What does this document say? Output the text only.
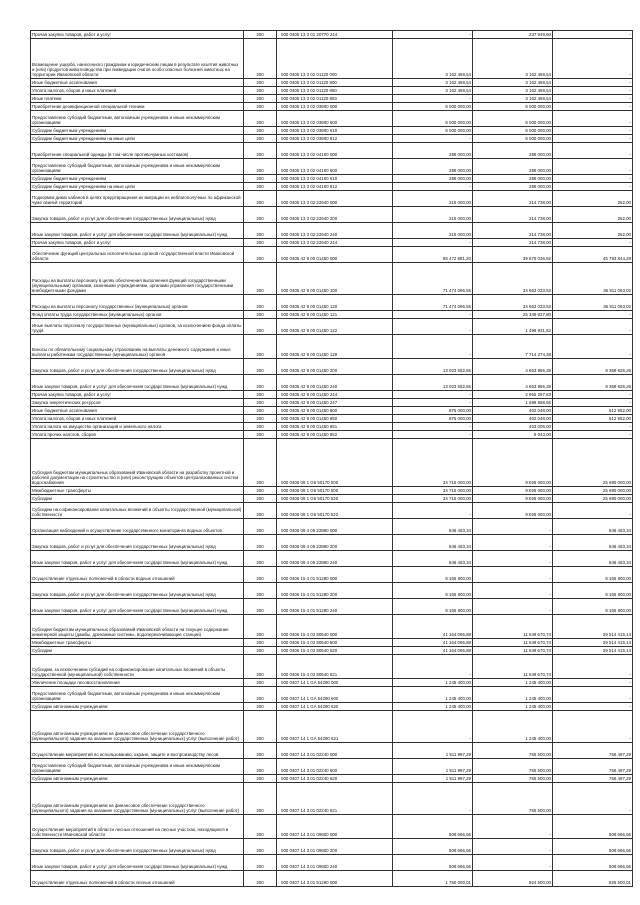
Прочая закупка товаров, работ и услуг	200	000 0405 13 3 01 20770 244	-	237 949,60	-
Возмещение ущерба, нанесенного гражданам и юридическим лицам в результате изъятия животных и (или) продуктов животноводства при ликвидации очагов особо опасных болезней животных на территории Ивановской области	200	000 0405 13 3 02 01120 000	3 162 459,54	3 162 459,54	-
Иные бюджетные ассигнования	200	000 0405 13 3 02 01120 800	3 162 459,54	3 162 459,54	-
Уплата налогов, сборов и иных платежей	200	000 0405 13 3 02 01120 850	3 162 459,54	3 162 459,54	-
Иные платежи	200	000 0405 13 3 02 01120 853	-	3 162 459,54	-
Приобретение дезинфекционной специальной техники	200	000 0405 13 3 02 03900 000	6 000 000,00	6 000 000,00	-
Предоставление субсидий бюджетным, автономным учреждениям и иным некоммерческим организациям	200	000 0405 13 3 02 03900 600	6 000 000,00	6 000 000,00	-
Субсидии бюджетным учреждениям	200	000 0405 13 3 02 03900 610	6 000 000,00	6 000 000,00	-
Субсидии бюджетным учреждениям на иные цели	200	000 0405 13 3 02 03900 612	-	6 000 000,00	-
Приобретение специальной одежды (в том числе противочумных костюмов)	200	000 0405 13 3 02 04100 000	288 000,00	288 000,00	-
Предоставление субсидий бюджетным, автономным учреждениям и иным некоммерческим организациям	200	000 0405 13 3 02 04100 600	288 000,00	288 000,00	-
Субсидии бюджетным учреждениям	200	000 0405 13 3 02 04100 610	288 000,00	288 000,00	-
Субсидии бюджетным учреждениям на иные цели	200	000 0405 13 3 02 04100 612	-	288 000,00	-
Подкормка диких кабанов в целях предотвращения их миграции из неблагополучных по африканской чуме свиней территорий	200	000 0405 13 3 02 22940 000	315 000,00	314 738,00	262,00
Закупка товаров, работ и услуг для обеспечения государственных (муниципальных) нужд	200	000 0405 13 3 02 22940 200	315 000,00	314 738,00	262,00
Иные закупки товаров, работ и услуг для обеспечения государственных (муниципальных) нужд	200	000 0405 13 3 02 22940 240	315 000,00	314 738,00	262,00
Прочая закупка товаров, работ и услуг	200	000 0405 13 3 02 22940 244	-	314 738,00	-
Обеспечение функций центральных исполнительных органов государственной власти Ивановской области	200	000 0405 42 9 00 01450 000	85 472 881,20	39 679 036,92	45 793 844,28
Расходы на выплаты персоналу в целях обеспечения выполнения функций государственными (муниципальными) органами, казенными учреждениями, органами управления государственными внебюджетными фондами	200	000 0405 42 9 00 01450 100	71 474 096,55	34 563 033,53	36 911 063,02
Расходы на выплаты персоналу государственных (муниципальных) органов	200	000 0405 42 9 00 01450 120	71 474 096,55	34 563 033,53	36 911 063,02
Фонд оплаты труда государственных (муниципальных) органов	200	000 0405 42 9 00 01450 121	-	25 349 827,80	-
Иные выплаты персоналу государственных (муниципальных) органов, за исключением фонда оплаты труда	200	000 0405 42 9 00 01450 122	-	1 498 931,52	-
Взносы по обязательному социальному страхованию на выплаты денежного содержания и иные выплаты работникам государственных (муниципальных) органов	200	000 0405 42 9 00 01450 129	-	7 714 274,38	-
Закупка товаров, работ и услуг для обеспечения государственных (муниципальных) нужд	200	000 0405 42 9 00 01450 200	13 023 582,65	4 653 956,39	8 369 626,26
Иные закупки товаров, работ и услуг для обеспечения государственных (муниципальных) нужд	200	000 0405 42 9 00 01450 240	13 023 582,65	4 653 956,39	8 369 626,26
Прочая закупка товаров, работ и услуг	200	000 0405 42 9 00 01450 244	-	2 955 297,83	-
Закупка энергетических ресурсов	200	000 0405 42 9 00 01450 247	-	1 698 658,56	-
Иные бюджетные ассигнования	200	000 0405 42 9 00 01450 800	975 000,00	462 048,00	512 952,00
Уплата налогов, сборов и иных платежей	200	000 0405 42 9 00 01450 850	975 000,00	462 048,00	512 952,00
Уплата налога на имущество организаций и земельного налога	200	000 0405 42 9 00 01450 851	-	453 005,00	-
Уплата прочих налогов, сборов	200	000 0405 42 9 00 01450 852	-	9 043,00	-
Субсидия бюджетам муниципальных образований Ивановской области на разработку проектной и рабочей документации на строительство и (или) реконструкцию объектов централизованных систем водоснабжения	200	000 0406 08 1 G6 50170 000	34 715 000,00	9 025 000,00	25 690 000,00
Межбюджетные трансферты	200	000 0406 08 1 G6 50170 500	34 715 000,00	9 025 000,00	25 690 000,00
Субсидии	200	000 0406 08 1 G6 50170 520	34 715 000,00	9 025 000,00	25 690 000,00
Субсидии на софинансирование капитальных вложений в объекты государственной (муниципальной) собственности	200	000 0406 08 1 G6 50170 522	-	9 025 000,00	-
Организация наблюдений и осуществление государственного мониторинга водных объектов	200	000 0406 08 4 05 22890 000	546 463,34	-	546 463,34
Закупка товаров, работ и услуг для обеспечения государственных (муниципальных) нужд	200	000 0406 08 4 05 22890 200	546 463,34	-	546 463,34
Иные закупки товаров, работ и услуг для обеспечения государственных (муниципальных) нужд	200	000 0406 08 4 05 22890 240	546 463,34	-	546 463,34
Осуществление отдельных полномочий в области водных отношений	200	000 0406 15 4 01 51280 000	6 165 800,00	-	6 165 800,00
Закупка товаров, работ и услуг для обеспечения государственных (муниципальных) нужд	200	000 0406 15 4 01 51280 200	6 165 800,00	-	6 165 800,00
Иные закупки товаров, работ и услуг для обеспечения государственных (муниципальных) нужд	200	000 0406 15 4 01 51280 240	6 165 800,00	-	6 165 800,00
Субсидия бюджетам муниципальных образований Ивановской области на текущее содержание инженерной защиты (дамбы, дренажные системы, водоперекачивающие станции)	200	000 0406 15 4 02 80540 000	41 164 085,88	11 649 670,74	29 514 415,14
Межбюджетные трансферты	200	000 0406 15 4 02 80540 500	41 164 085,88	11 649 670,74	29 514 415,14
Субсидии	200	000 0406 15 4 02 80540 520	41 164 085,88	11 649 670,74	29 514 415,14
Субсидии, за исключением субсидий на софинансирование капитальных вложений в объекты государственной (муниципальной) собственности	200	000 0406 15 4 02 80540 521	-	11 649 670,74	-
Увеличение площади лесовосстановления	200	000 0407 14 1 GA 54290 000	1 245 400,00	1 245 400,00	-
Предоставление субсидий бюджетным, автономным учреждениям и иным некоммерческим организациям	200	000 0407 14 1 GA 54290 600	1 245 400,00	1 245 400,00	-
Субсидии автономным учреждениям	200	000 0407 14 1 GA 54290 620	1 245 400,00	1 245 400,00	-
Субсидии автономным учреждениям на финансовое обеспечение государственного (муниципального) задания на оказание государственных (муниципальных) услуг (выполнение работ)	200	000 0407 14 1 GA 54290 621	-	1 245 400,00	-
Осуществление мероприятий по использованию, охране, защите и воспроизводству лесов	200	000 0407 14 3 01 02240 000	1 511 987,29	755 500,00	756 487,29
Предоставление субсидий бюджетным, автономным учреждениям и иным некоммерческим организациям	200	000 0407 14 3 01 02240 600	1 511 987,29	755 500,00	756 487,29
Субсидии автономным учреждениям	200	000 0407 14 3 01 02240 620	1 511 987,29	755 500,00	756 487,29
Субсидии автономным учреждениям на финансовое обеспечение государственного (муниципального) задания на оказание государственных (муниципальных) услуг (выполнение работ)	200	000 0407 14 3 01 02240 621	-	755 500,00	-
Осуществление мероприятий в области лесных отношений на лесных участках, находящихся в собственности Ивановской области	200	000 0407 14 3 01 09900 000	506 666,66	-	506 666,66
Закупка товаров, работ и услуг для обеспечения государственных (муниципальных) нужд	200	000 0407 14 3 01 09900 200	506 666,66	-	506 666,66
Иные закупки товаров, работ и услуг для обеспечения государственных (муниципальных) нужд	200	000 0407 14 3 01 09900 240	506 666,66	-	506 666,66
Осуществление отдельных полномочий в области лесных отношений	200	000 0407 14 3 01 51290 000	1 750 000,01	924 500,00	825 500,01
